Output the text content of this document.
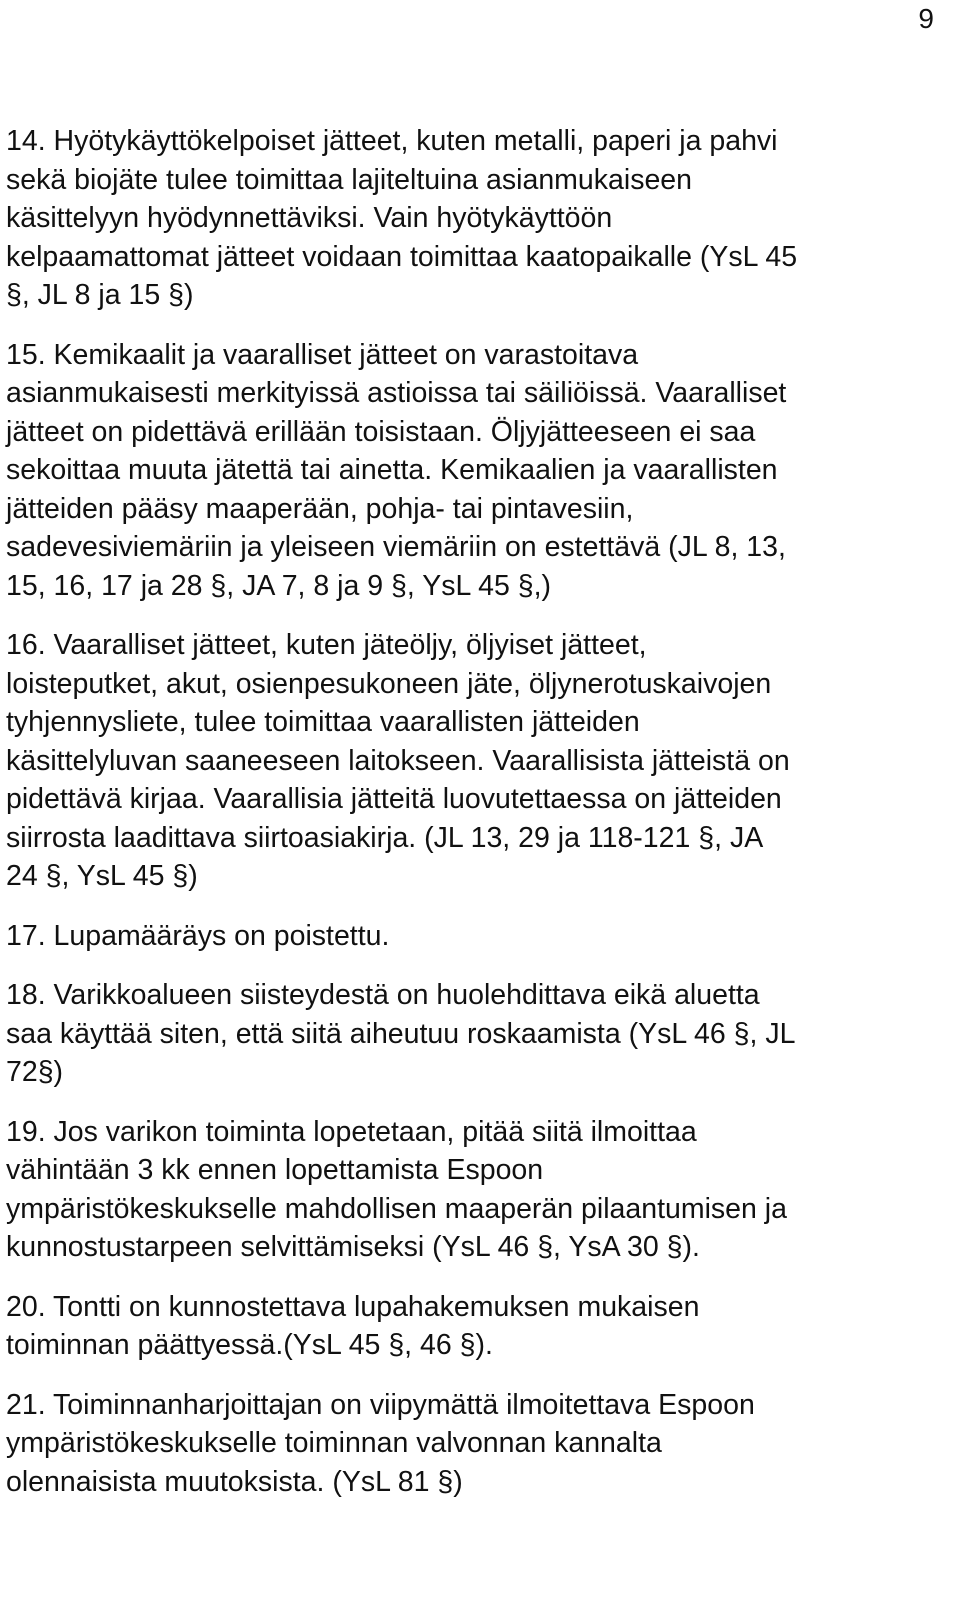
9
14. Hyötykäyttökelpoiset jätteet, kuten metalli, paperi ja pahvi
sekä biojäte tulee toimittaa lajiteltuina asianmukaiseen
käsittelyyn hyödynnettäviksi. Vain hyötykäyttöön
kelpaamattomat jätteet voidaan toimittaa kaatopaikalle (YsL 45
§, JL 8 ja 15 §)
15. Kemikaalit ja vaaralliset jätteet on varastoitava
asianmukaisesti merkityissä astioissa tai säiliöissä. Vaaralliset
jätteet on pidettävä erillään toisistaan. Öljyjätteeseen ei saa
sekoittaa muuta jätettä tai ainetta. Kemikaalien ja vaarallisten
jätteiden pääsy maaperään, pohja- tai pintavesiin,
sadevesiviemäriin ja yleiseen viemäriin on estettävä (JL 8, 13,
15, 16, 17 ja 28 §, JA 7, 8 ja 9 §, YsL 45 §,)
16. Vaaralliset jätteet, kuten jäteöljy, öljyiset jätteet,
loisteputket, akut, osienpesukoneen jäte, öljynerotuskaivojen
tyhjennysliete, tulee toimittaa vaarallisten jätteiden
käsittelyluvan saaneeseen laitokseen. Vaarallisista jätteistä on
pidettävä kirjaa. Vaarallisia jätteitä luovutettaessa on jätteiden
siirrosta laadittava siirtoasiakirja. (JL 13, 29 ja 118-121 §, JA
24 §, YsL 45 §)
17. Lupamääräys on poistettu.
18. Varikkoalueen siisteydestä on huolehdittava eikä aluetta
saa käyttää siten, että siitä aiheutuu roskaamista (YsL 46 §, JL
72§)
19. Jos varikon toiminta lopetetaan, pitää siitä ilmoittaa
vähintään 3 kk ennen lopettamista Espoon
ympäristökeskukselle mahdollisen maaperän pilaantumisen ja
kunnostustarpeen selvittämiseksi (YsL 46 §, YsA 30 §).
20. Tontti on kunnostettava lupahakemuksen mukaisen
toiminnan päättyessä.(YsL 45 §, 46 §).
21. Toiminnanharjoittajan on viipymättä ilmoitettava Espoon
ympäristökeskukselle toiminnan valvonnan kannalta
olennaisista muutoksista. (YsL 81 §)
